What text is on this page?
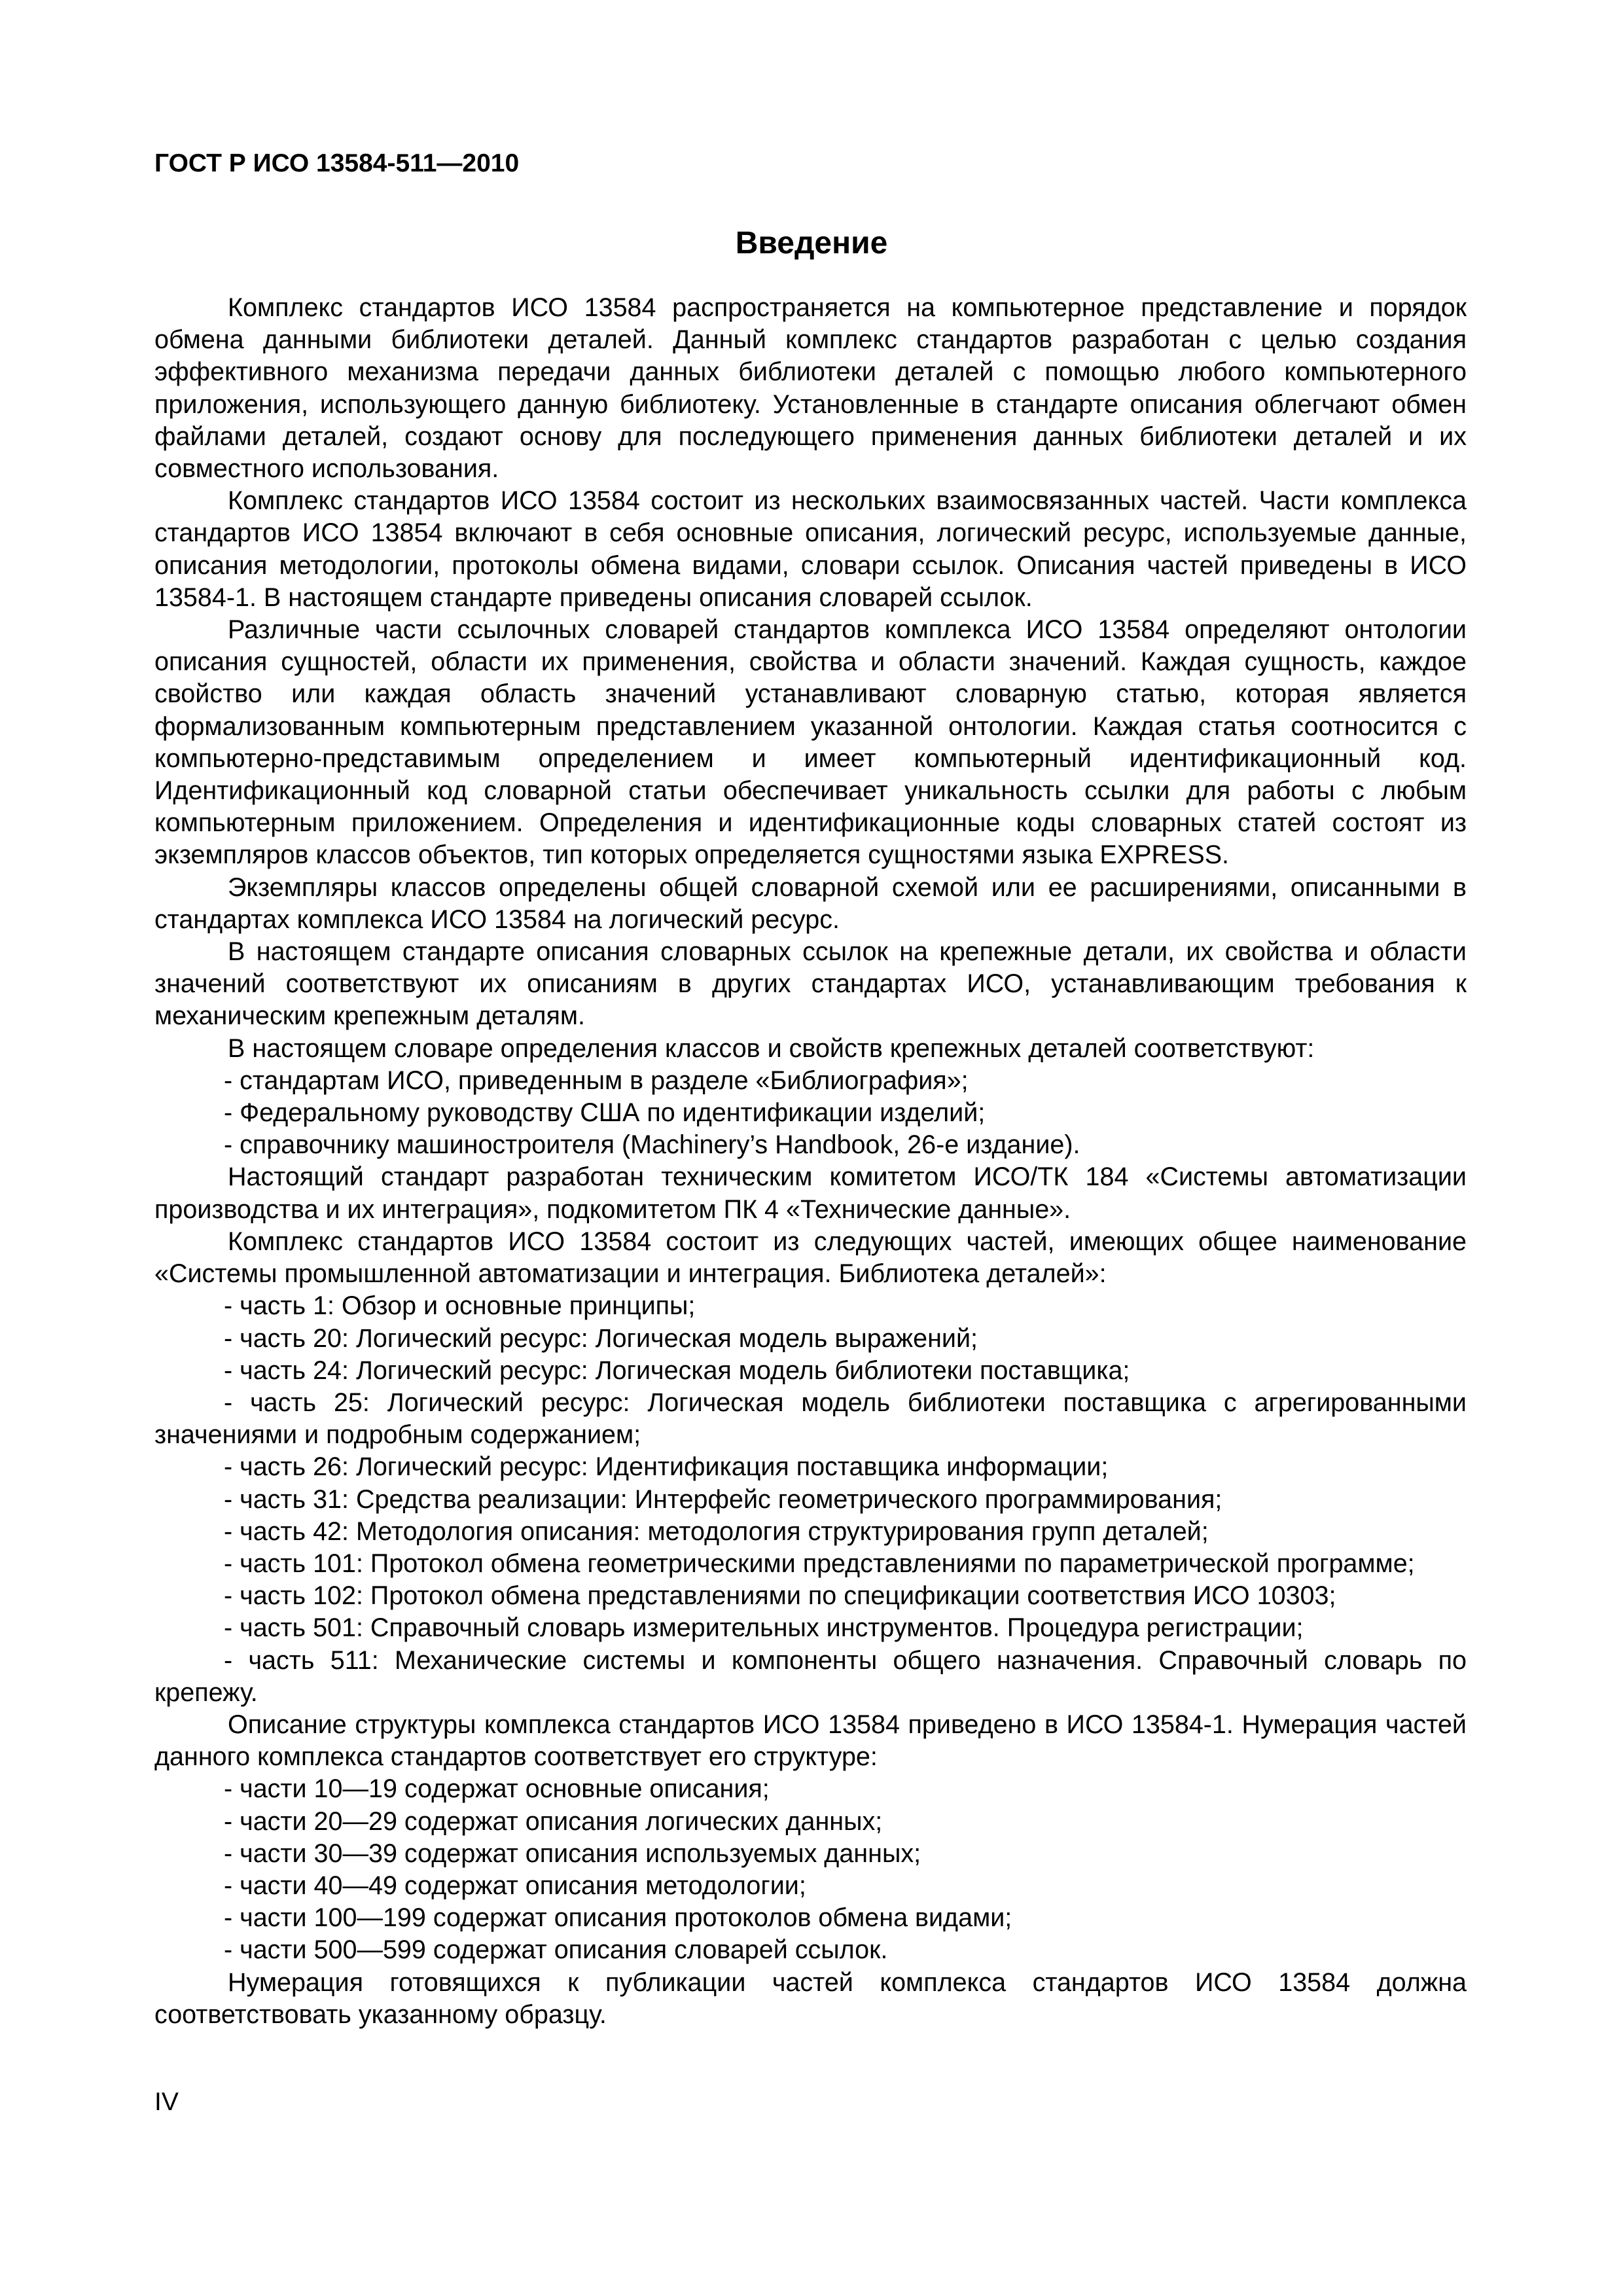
ГОСТ Р ИСО 13584-511—2010
Введение

Комплекс стандартов ИСО 13584 распространяется на компьютерное представление и порядок обмена данными библиотеки деталей. Данный комплекс стандартов разработан с целью создания эффективного механизма передачи данных библиотеки деталей с помощью любого компьютерного приложения, использующего данную библиотеку. Установленные в стандарте описания облегчают обмен файлами деталей, создают основу для последующего применения данных библиотеки деталей и их совместного использования.

Комплекс стандартов ИСО 13584 состоит из нескольких взаимосвязанных частей. Части комплекса стандартов ИСО 13854 включают в себя основные описания, логический ресурс, используемые данные, описания методологии, протоколы обмена видами, словари ссылок. Описания частей приведены в ИСО 13584-1. В настоящем стандарте приведены описания словарей ссылок.

Различные части ссылочных словарей стандартов комплекса ИСО 13584 определяют онтологии описания сущностей, области их применения, свойства и области значений. Каждая сущность, каждое свойство или каждая область значений устанавливают словарную статью, которая является формализованным компьютерным представлением указанной онтологии. Каждая статья соотносится с компьютерно-представимым определением и имеет компьютерный идентификационный код. Идентификационный код словарной статьи обеспечивает уникальность ссылки для работы с любым компьютерным приложением. Определения и идентификационные коды словарных статей состоят из экземпляров классов объектов, тип которых определяется сущностями языка EXPRESS.

Экземпляры классов определены общей словарной схемой или ее расширениями, описанными в стандартах комплекса ИСО 13584 на логический ресурс.

В настоящем стандарте описания словарных ссылок на крепежные детали, их свойства и области значений соответствуют их описаниям в других стандартах ИСО, устанавливающим требования к механическим крепежным деталям.

В настоящем словаре определения классов и свойств крепежных деталей соответствуют:

- стандартам ИСО, приведенным в разделе «Библиография»;

- Федеральному руководству США по идентификации изделий;

- справочнику машиностроителя (Machinery’s Handbook, 26-е издание).

Настоящий стандарт разработан техническим комитетом ИСО/ТК 184 «Системы автоматизации производства и их интеграция», подкомитетом ПК 4 «Технические данные».

Комплекс стандартов ИСО 13584 состоит из следующих частей, имеющих общее наименование «Системы промышленной автоматизации и интеграция. Библиотека деталей»:

- часть 1: Обзор и основные принципы;

- часть 20: Логический ресурс: Логическая модель выражений;

- часть 24: Логический ресурс: Логическая модель библиотеки поставщика;

- часть 25: Логический ресурс: Логическая модель библиотеки поставщика с агрегированными значениями и подробным содержанием;

- часть 26: Логический ресурс: Идентификация поставщика информации;

- часть 31: Средства реализации: Интерфейс геометрического программирования;

- часть 42: Методология описания: методология структурирования групп деталей;

- часть 101: Протокол обмена геометрическими представлениями по параметрической программе;

- часть 102: Протокол обмена представлениями по спецификации соответствия ИСО 10303;

- часть 501: Справочный словарь измерительных инструментов. Процедура регистрации;

- часть 511: Механические системы и компоненты общего назначения. Справочный словарь по крепежу.

Описание структуры комплекса стандартов ИСО 13584 приведено в ИСО 13584-1. Нумерация частей данного комплекса стандартов соответствует его структуре:

- части 10—19 содержат основные описания;

- части 20—29 содержат описания логических данных;

- части 30—39 содержат описания используемых данных;

- части 40—49 содержат описания методологии;

- части 100—199 содержат описания протоколов обмена видами;

- части 500—599 содержат описания словарей ссылок.

Нумерация готовящихся к публикации частей комплекса стандартов ИСО 13584 должна соответствовать указанному образцу.

IV
